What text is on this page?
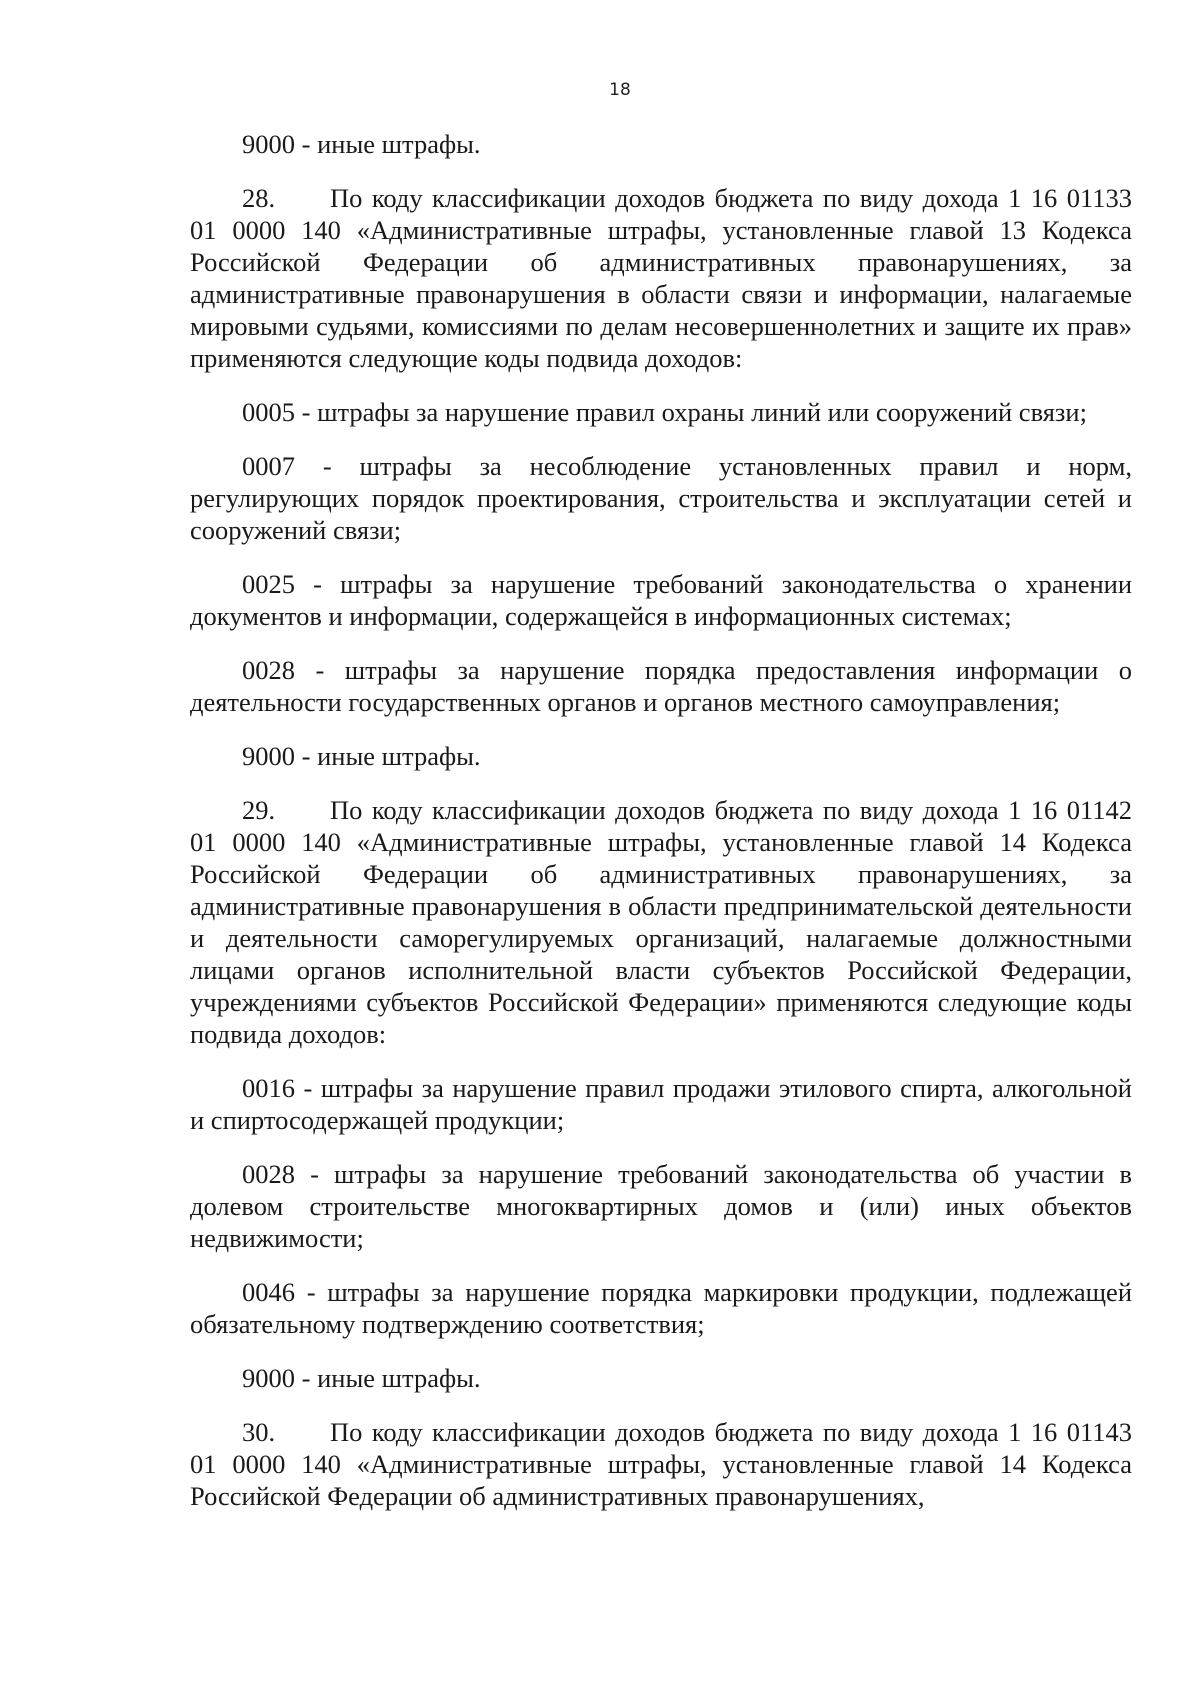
18

9000 - иные штрафы.

28. По коду классификации доходов бюджета по виду дохода 1 16 01133 01 0000 140 «Административные штрафы, установленные главой 13 Кодекса Российской Федерации об административных правонарушениях, за административные правонарушения в области связи и информации, налагаемые мировыми судьями, комиссиями по делам несовершеннолетних и защите их прав» применяются следующие коды подвида доходов:

0005 - штрафы за нарушение правил охраны линий или сооружений связи;

0007 - штрафы за несоблюдение установленных правил и норм, регулирующих порядок проектирования, строительства и эксплуатации сетей и сооружений связи;

0025 - штрафы за нарушение требований законодательства о хранении документов и информации, содержащейся в информационных системах;

0028 - штрафы за нарушение порядка предоставления информации о деятельности государственных органов и органов местного самоуправления;

9000 - иные штрафы.

29. По коду классификации доходов бюджета по виду дохода 1 16 01142 01 0000 140 «Административные штрафы, установленные главой 14 Кодекса Российской Федерации об административных правонарушениях, за административные правонарушения в области предпринимательской деятельности и деятельности саморегулируемых организаций, налагаемые должностными лицами органов исполнительной власти субъектов Российской Федерации, учреждениями субъектов Российской Федерации» применяются следующие коды подвида доходов:

0016 - штрафы за нарушение правил продажи этилового спирта, алкогольной и спиртосодержащей продукции;

0028 - штрафы за нарушение требований законодательства об участии в долевом строительстве многоквартирных домов и (или) иных объектов недвижимости;

0046 - штрафы за нарушение порядка маркировки продукции, подлежащей обязательному подтверждению соответствия;

9000 - иные штрафы.

30. По коду классификации доходов бюджета по виду дохода 1 16 01143 01 0000 140 «Административные штрафы, установленные главой 14 Кодекса Российской Федерации об административных правонарушениях,
